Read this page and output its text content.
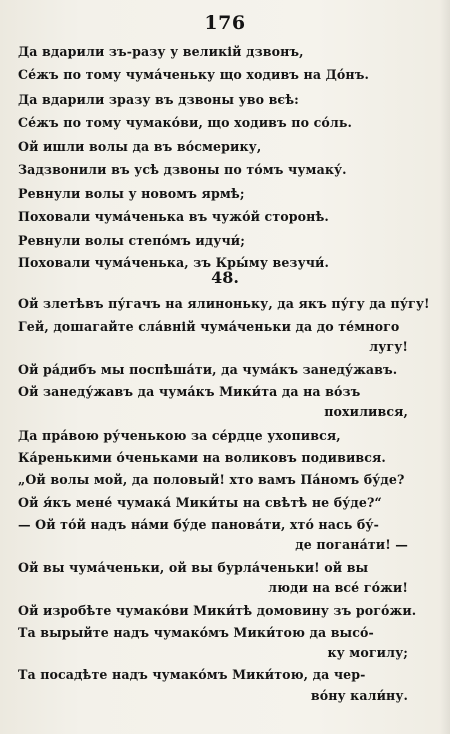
176
Да вдарили зъ-разу у великій дзвонъ,
Се́жъ по тому чума́ченьку що ходивъ на До́нъ.
Да вдарили зразу въ дзвоны уво вєѣ:
Се́жъ по тому чумако́ви, що ходивъ по со́ль.
Ой ишли волы да въ во́смерику,
Задзвонили въ усѣ дзвоны по то́мъ чумаку́.
Ревнули волы у новомъ ярмѣ;
Поховали чума́ченька въ чужо́й сторонѣ.
Ревнули волы степо́мъ идучи́;
Поховали чума́ченька, зъ Кры́му везучи́.
48.
Ой злетѣвъ пу́гачъ на ялиноньку, да якъ пу́гу да пу́гу!
Гей, дошагайте сла́вній чума́ченьки да до те́много
лугу!
Ой ра́дибъ мы поспѣша́ти, да чума́къ занеду́жавъ.
Ой занеду́жавъ да чума́къ Мики́та да на во́зъ
похилився,
Да пра́вою ру́ченькою за се́рдце ухопився,
Ка́ренькими о́ченьками на воликовъ подивився.
„Ой волы мой, да половый! хто вамъ Па́номъ бу́де?
Ой я́къ мене́ чумака́ Мики́ты на свѣтѣ не бу́де?“
— Ой то́й надъ на́ми бу́де панова́ти, хто́ нась бу́-
де погана́ти! —
Ой вы чума́ченьки, ой вы бурла́ченьки! ой вы
люди на все́ го́жи!
Ой изробѣте чумако́ви Мики́тѣ домовину зъ рого́жи.
Та вырыйте надъ чумако́мъ Мики́тою да высо́-
ку могилу;
Та посадѣте надъ чумако́мъ Мики́тою, да чер-
во́ну кали́ну.
